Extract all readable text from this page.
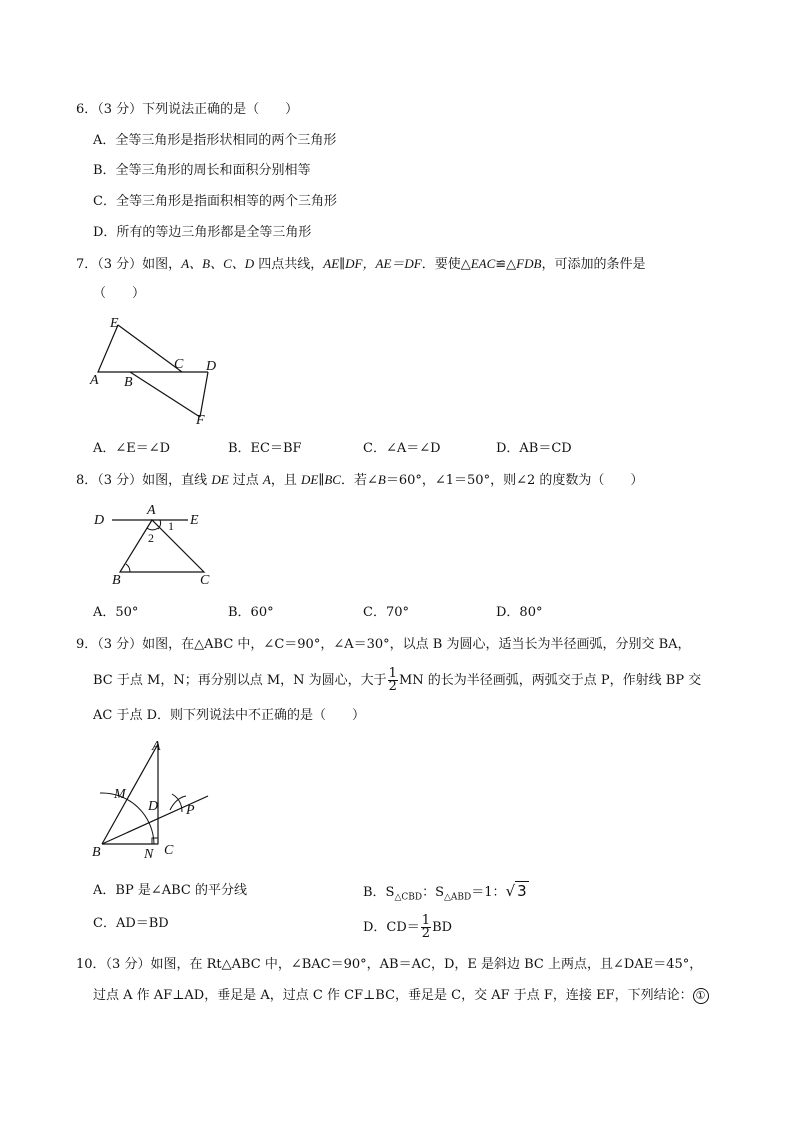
6．（3 分）下列说法正确的是（　　）
A．全等三角形是指形状相同的两个三角形
B．全等三角形的周长和面积分别相等
C．全等三角形是指面积相等的两个三角形
D．所有的等边三角形都是全等三角形
7．（3 分）如图，A、B、C、D 四点共线，AE∥DF，AE＝DF．要使△EAC≌△FDB，可添加的条件是
（　　）
E
A B
C D
F
A．∠E＝∠D	B．EC＝BF	C．∠A＝∠D	D．AB＝CD
8．（3 分）如图，直线 DE 过点 A，且 DE∥BC．若∠B＝60°，∠1＝50°，则∠2 的度数为（　　）
D
A
E
1
2
B	C
A．50°	B．60°	C．70°	D．80°
9．（3 分）如图，在△ABC 中，∠C＝90°，∠A＝30°，以点 B 为圆心，适当长为半径画弧，分别交 BA，
BC 于点 M，N；再分别以点 M，N 为圆心，大于 $\frac{1}{2}$ MN 的长为半径画弧，两弧交于点 P，作射线 BP 交
AC 于点 D．则下列说法中不正确的是（　　）
A
M
D P
B	N C
A．BP 是∠ABC 的平分线	B．$S_{\triangle CBD}$：$S_{\triangle ABD}=1$：√ 3
C．AD＝BD	D．$CD= \frac{1}{2}$ BD
10．（3 分）如图，在 Rt△ABC 中，∠BAC＝90°，AB＝AC，D，E 是斜边 BC 上两点，且∠DAE＝45°，
过点 A 作 AF⊥AD，垂足是 A，过点 C 作 CF⊥BC，垂足是 C，交 AF 于点 F，连接 EF，下列结论： ①
